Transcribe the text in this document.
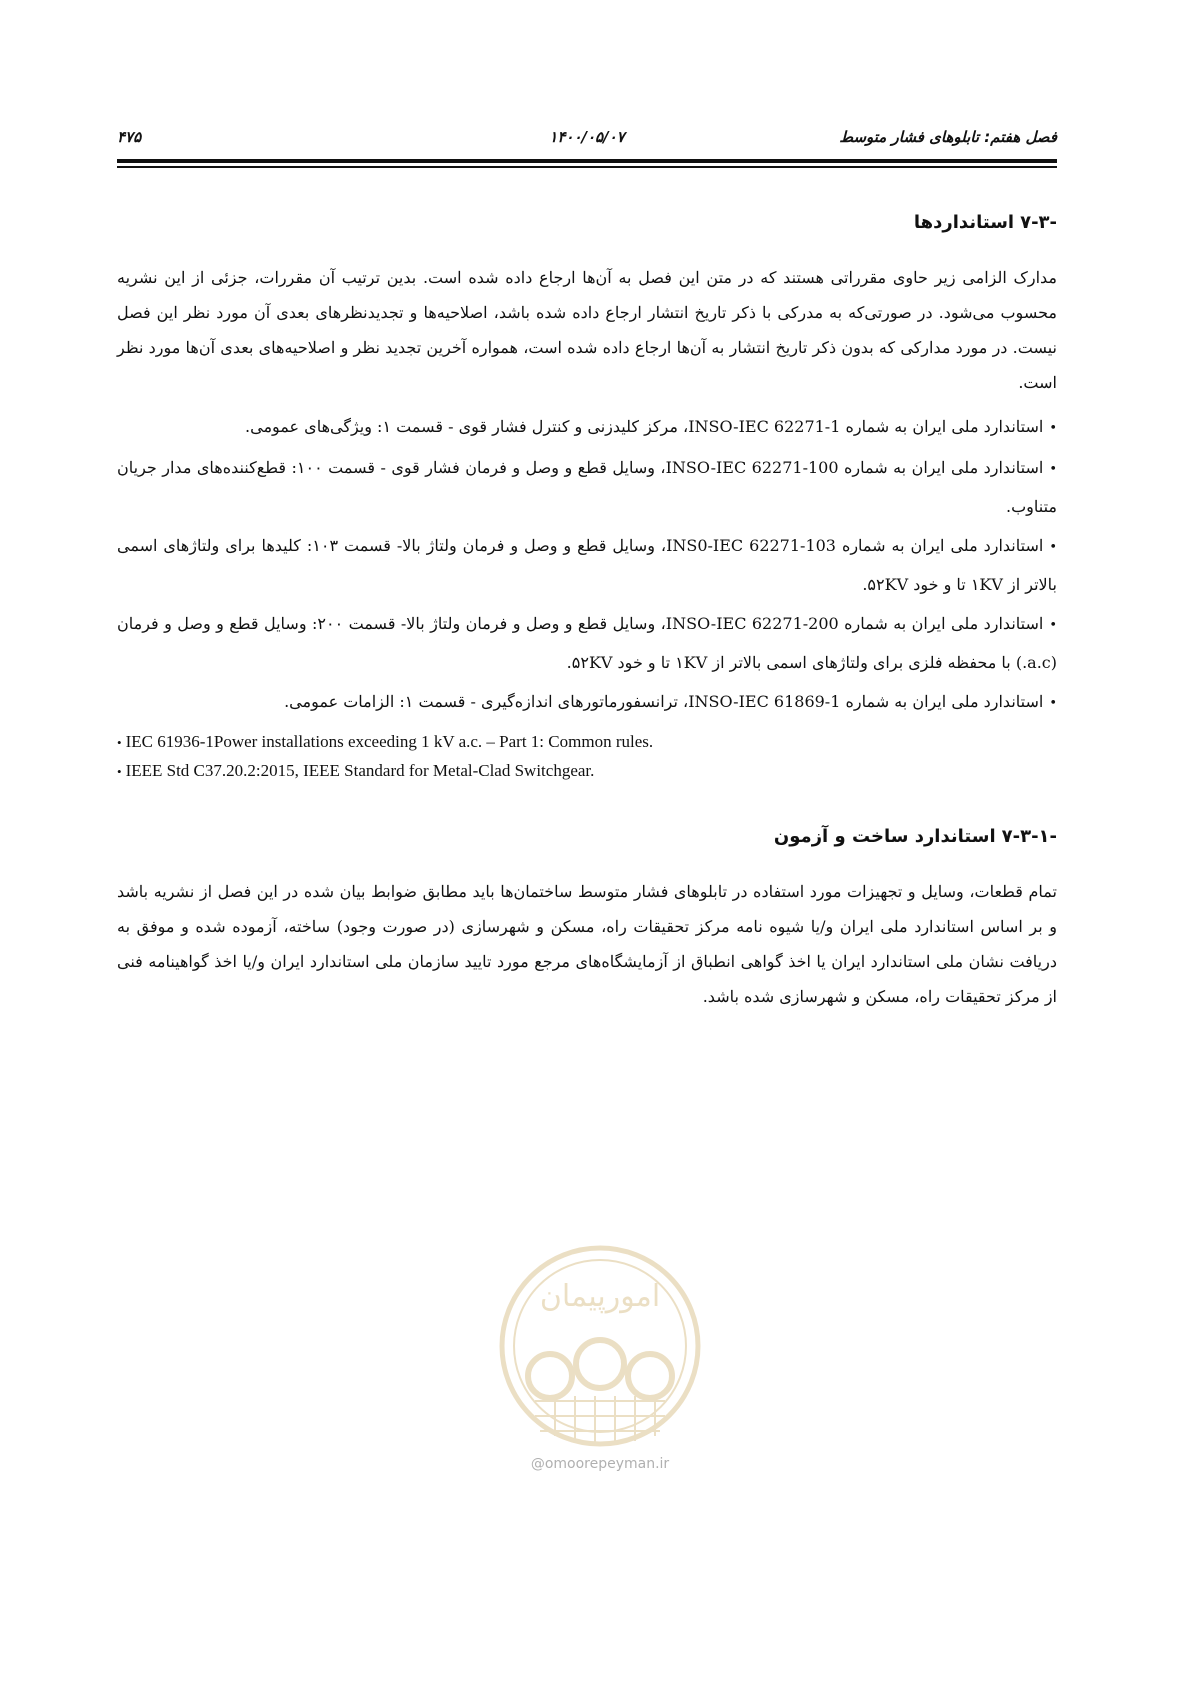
فصل هفتم: تابلوهای فشار متوسط
۱۴۰۰/۰۵/۰۷
۴۷۵
۷-۳-استانداردها

مدارک الزامی زیر حاوی مقرراتی هستند که در متن این فصل به آن‌ها ارجاع داده شده است. بدین ترتیب آن مقررات، جزئی از این نشریه محسوب می‌شود. در صورتی‌که به مدرکی با ذکر تاریخ انتشار ارجاع داده شده باشد، اصلاحیه‌ها و تجدیدنظرهای بعدی آن مورد نظر این فصل نیست. در مورد مدارکی که بدون ذکر تاریخ انتشار به آن‌ها ارجاع داده شده است، همواره آخرین تجدید نظر و اصلاحیه‌های بعدی آن‌ها مورد نظر است.

•استاندارد ملی ایران به شماره INSO-IEC 62271-1، مرکز کلیدزنی و کنترل فشار قوی - قسمت ۱: ویژگی‌های عمومی.
•استاندارد ملی ایران به شماره INSO-IEC 62271-100، وسایل قطع و وصل و فرمان فشار قوی - قسمت ۱۰۰: قطع‌کننده‌های مدار جریان متناوب.
•استاندارد ملی ایران به شماره INS0-IEC 62271-103، وسایل قطع و وصل و فرمان ولتاژ بالا- قسمت ۱۰۳: کلیدها برای ولتاژهای اسمی بالاتر از ۱KV تا و خود ۵۲KV.
•استاندارد ملی ایران به شماره INSO-IEC 62271-200، وسایل قطع و وصل و فرمان ولتاژ بالا- قسمت ۲۰۰: وسایل قطع و وصل و فرمان (a.c.) با محفظه فلزی برای ولتاژهای اسمی بالاتر از ۱KV تا و خود ۵۲KV.
•استاندارد ملی ایران به شماره INSO-IEC 61869-1، ترانسفورماتورهای اندازه‌گیری - قسمت ۱: الزامات عمومی.
• IEC 61936-1Power installations exceeding 1 kV a.c. – Part 1: Common rules.
• IEEE Std C37.20.2:2015, IEEE Standard for Metal-Clad Switchgear.
۷-۳-۱-استاندارد ساخت و آزمون

تمام قطعات، وسایل و تجهیزات مورد استفاده در تابلوهای فشار متوسط ساختمان‌ها باید مطابق ضوابط بیان شده در این فصل از نشریه باشد و بر اساس استاندارد ملی ایران و/یا شیوه نامه مرکز تحقیقات راه، مسکن و شهرسازی (در صورت وجود) ساخته، آزموده شده و موفق به دریافت نشان ملی استاندارد ایران یا اخذ گواهی انطباق از آزمایشگاه‌های مرجع مورد تایید سازمان ملی استاندارد ایران و/یا اخذ گواهینامه فنی از مرکز تحقیقات راه، مسکن و شهرسازی شده باشد.

امورپیمان
@omoorepeyman.ir
